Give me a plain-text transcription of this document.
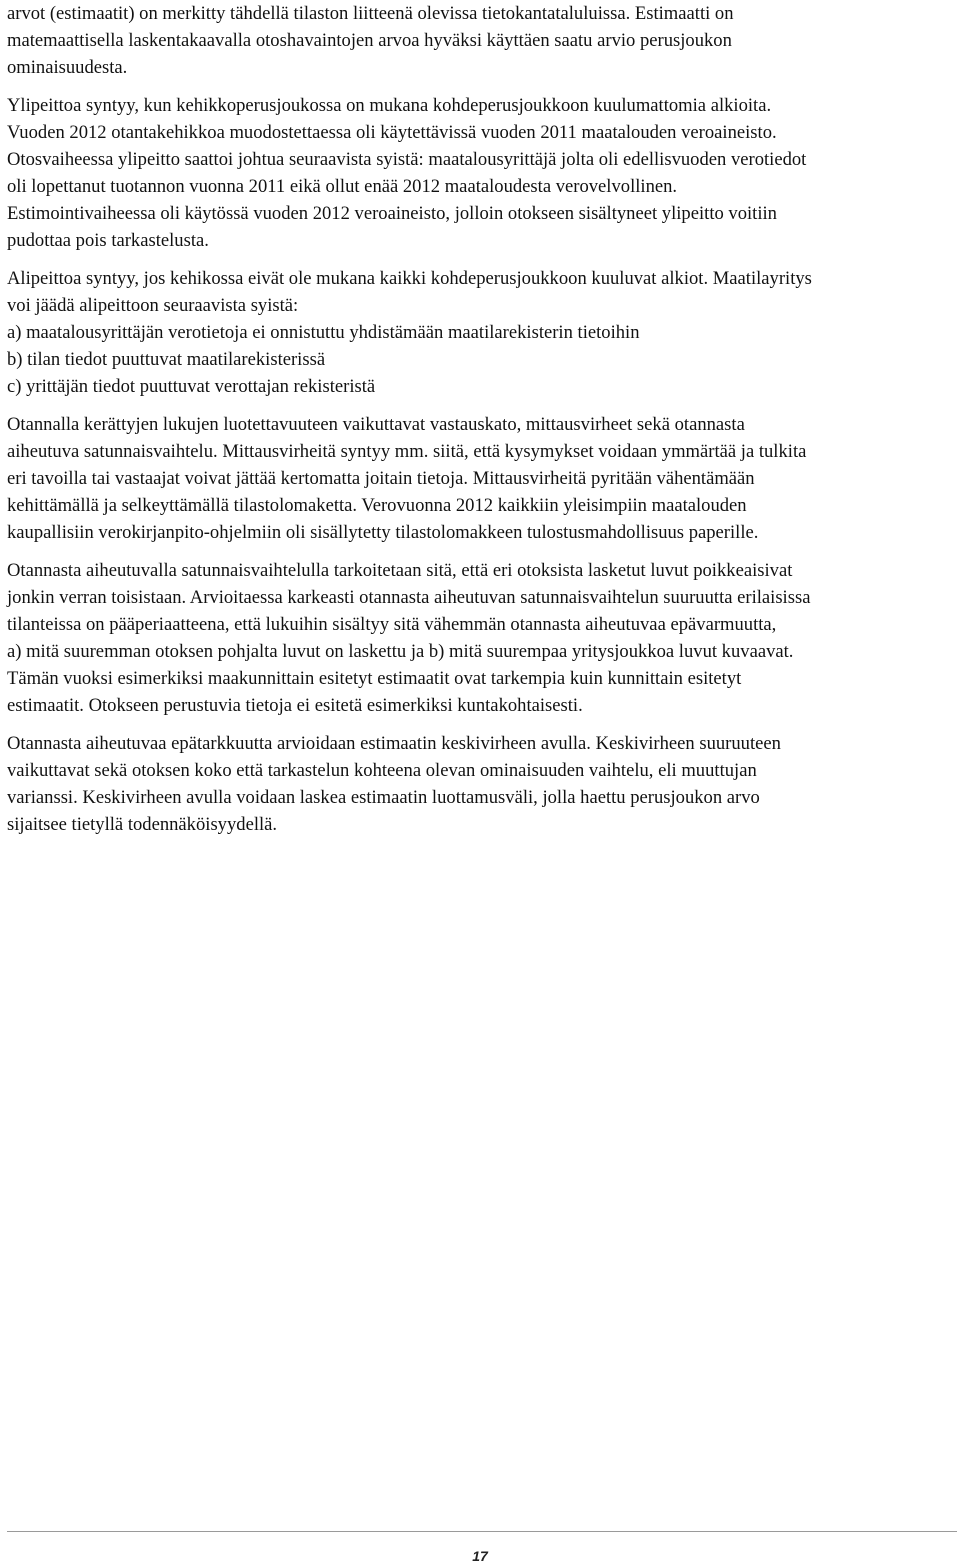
arvot (estimaatit) on merkitty tähdellä tilaston liitteenä olevissa tietokantataluluissa. Estimaatti on
matemaattisella laskentakaavalla otoshavaintojen arvoa hyväksi käyttäen saatu arvio perusjoukon
ominaisuudesta.

Ylipeittoa syntyy, kun kehikkoperusjoukossa on mukana kohdeperusjoukkoon kuulumattomia alkioita.
Vuoden 2012 otantakehikkoa muodostettaessa oli käytettävissä vuoden 2011 maatalouden veroaineisto.
Otosvaiheessa ylipeitto saattoi johtua seuraavista syistä: maatalousyrittäjä jolta oli edellisvuoden verotiedot
oli lopettanut tuotannon vuonna 2011 eikä ollut enää 2012 maataloudesta verovelvollinen.
Estimointivaiheessa oli käytössä vuoden 2012 veroaineisto, jolloin otokseen sisältyneet ylipeitto voitiin
pudottaa pois tarkastelusta.

Alipeittoa syntyy, jos kehikossa eivät ole mukana kaikki kohdeperusjoukkoon kuuluvat alkiot. Maatilayritys
voi jäädä alipeittoon seuraavista syistä:
a) maatalousyrittäjän verotietoja ei onnistuttu yhdistämään maatilarekisterin tietoihin
b) tilan tiedot puuttuvat maatilarekisterissä
c) yrittäjän tiedot puuttuvat verottajan rekisteristä

Otannalla kerättyjen lukujen luotettavuuteen vaikuttavat vastauskato, mittausvirheet sekä otannasta
aiheutuva satunnaisvaihtelu. Mittausvirheitä syntyy mm. siitä, että kysymykset voidaan ymmärtää ja tulkita
eri tavoilla tai vastaajat voivat jättää kertomatta joitain tietoja. Mittausvirheitä pyritään vähentämään
kehittämällä ja selkeyttämällä tilastolomaketta. Verovuonna 2012 kaikkiin yleisimpiin maatalouden
kaupallisiin verokirjanpito-ohjelmiin oli sisällytetty tilastolomakkeen tulostusmahdollisuus paperille.

Otannasta aiheutuvalla satunnaisvaihtelulla tarkoitetaan sitä, että eri otoksista lasketut luvut poikkeaisivat
jonkin verran toisistaan. Arvioitaessa karkeasti otannasta aiheutuvan satunnaisvaihtelun suuruutta erilaisissa
tilanteissa on pääperiaatteena, että lukuihin sisältyy sitä vähemmän otannasta aiheutuvaa epävarmuutta,
a) mitä suuremman otoksen pohjalta luvut on laskettu ja b) mitä suurempaa yritysjoukkoa luvut kuvaavat.
Tämän vuoksi esimerkiksi maakunnittain esitetyt estimaatit ovat tarkempia kuin kunnittain esitetyt
estimaatit. Otokseen perustuvia tietoja ei esitetä esimerkiksi kuntakohtaisesti.

Otannasta aiheutuvaa epätarkkuutta arvioidaan estimaatin keskivirheen avulla. Keskivirheen suuruuteen
vaikuttavat sekä otoksen koko että tarkastelun kohteena olevan ominaisuuden vaihtelu, eli muuttujan
varianssi. Keskivirheen avulla voidaan laskea estimaatin luottamusväli, jolla haettu perusjoukon arvo
sijaitsee tietyllä todennäköisyydellä.

17
